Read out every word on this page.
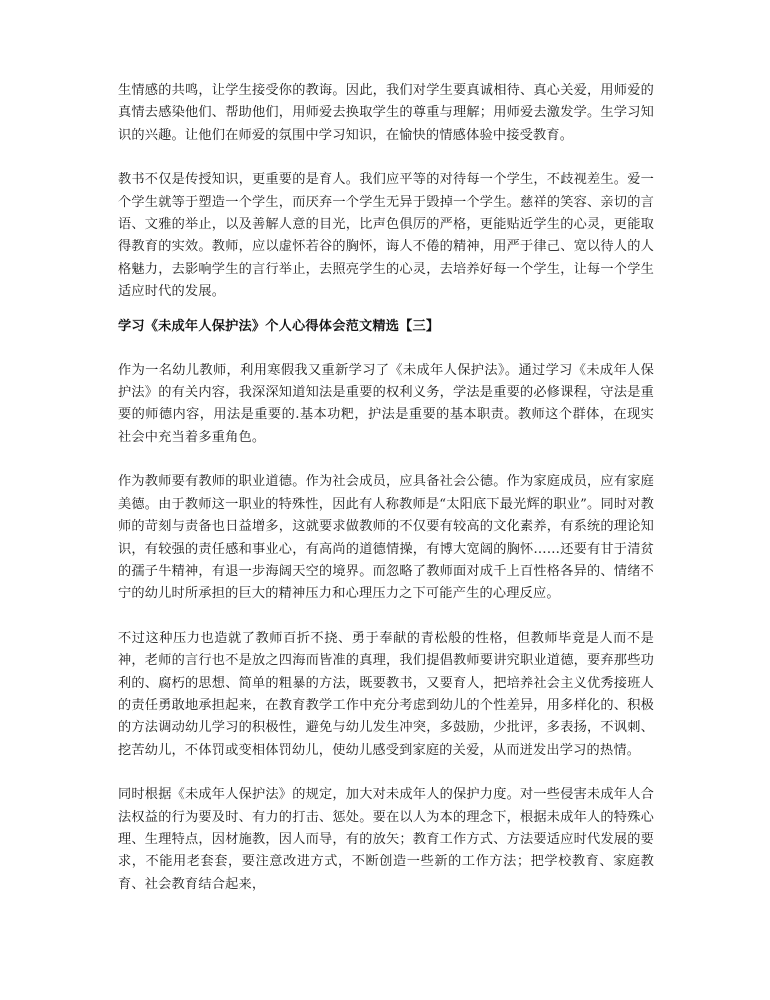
生情感的共鸣，让学生接受你的教诲。因此，我们对学生要真诚相待、真心关爱，用师爱的真情去感染他们、帮助他们，用师爱去换取学生的尊重与理解；用师爱去激发学。生学习知识的兴趣。让他们在师爱的氛围中学习知识，在愉快的情感体验中接受教育。

教书不仅是传授知识，更重要的是育人。我们应平等的对待每一个学生，不歧视差生。爱一个学生就等于塑造一个学生，而厌弃一个学生无异于毁掉一个学生。慈祥的笑容、亲切的言语、文雅的举止，以及善解人意的目光，比声色俱厉的严格，更能贴近学生的心灵，更能取得教育的实效。教师，应以虚怀若谷的胸怀，诲人不倦的精神，用严于律己、宽以待人的人格魅力，去影响学生的言行举止，去照亮学生的心灵，去培养好每一个学生，让每一个学生适应时代的发展。

学习《未成年人保护法》个人心得体会范文精选【三】

作为一名幼儿教师，利用寒假我又重新学习了《未成年人保护法》。通过学习《未成年人保护法》的有关内容，我深深知道知法是重要的权利义务，学法是重要的必修课程，守法是重要的师德内容，用法是重要的.基本功粑，护法是重要的基本职责。教师这个群体，在现实社会中充当着多重角色。

作为教师要有教师的职业道德。作为社会成员，应具备社会公德。作为家庭成员，应有家庭美德。由于教师这一职业的特殊性，因此有人称教师是“太阳底下最光辉的职业”。同时对教师的苛刻与责备也日益增多，这就要求做教师的不仅要有较高的文化素养，有系统的理论知识，有较强的责任感和事业心，有高尚的道德情操，有博大宽阔的胸怀……还要有甘于清贫的孺子牛精神，有退一步海阔天空的境界。而忽略了教师面对成千上百性格各异的、情绪不宁的幼儿时所承担的巨大的精神压力和心理压力之下可能产生的心理反应。

不过这种压力也造就了教师百折不挠、勇于奉献的青松般的性格，但教师毕竟是人而不是神，老师的言行也不是放之四海而皆准的真理，我们提倡教师要讲究职业道德，要弃那些功利的、腐朽的思想、简单的粗暴的方法，既要教书，又要育人，把培养社会主义优秀接班人的责任勇敢地承担起来，在教育教学工作中充分考虑到幼儿的个性差异，用多样化的、积极的方法调动幼儿学习的积极性，避免与幼儿发生冲突，多鼓励，少批评，多表扬，不讽刺、挖苦幼儿，不体罚或变相体罚幼儿，使幼儿感受到家庭的关爱，从而迸发出学习的热情。

同时根据《未成年人保护法》的规定，加大对未成年人的保护力度。对一些侵害未成年人合法权益的行为要及时、有力的打击、惩处。要在以人为本的理念下，根据未成年人的特殊心理、生理特点，因材施教，因人而导，有的放矢；教育工作方式、方法要适应时代发展的要求，不能用老套套，要注意改进方式，不断创造一些新的工作方法；把学校教育、家庭教育、社会教育结合起来，
